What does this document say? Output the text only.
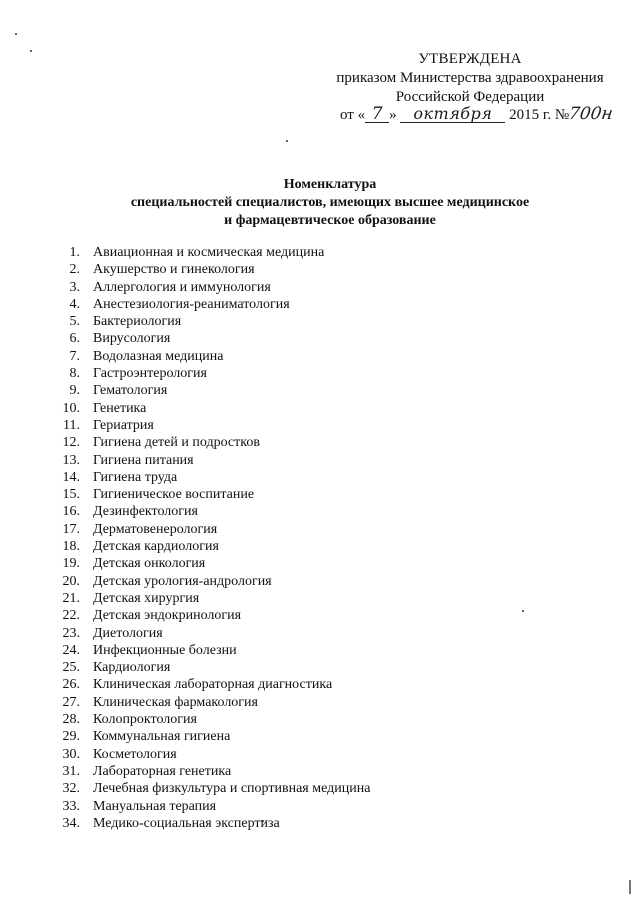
УТВЕРЖДЕНА
приказом Министерства здравоохранения
Российской Федерации
от « 7 » октября 2015 г. №700н
Номенклатура
специальностей специалистов, имеющих высшее медицинское
и фармацевтическое образование
1. Авиационная и космическая медицина
2. Акушерство и гинекология
3. Аллергология и иммунология
4. Анестезиология-реаниматология
5. Бактериология
6. Вирусология
7. Водолазная медицина
8. Гастроэнтерология
9. Гематология
10. Генетика
11. Гериатрия
12. Гигиена детей и подростков
13. Гигиена питания
14. Гигиена труда
15. Гигиеническое воспитание
16. Дезинфектология
17. Дерматовенерология
18. Детская кардиология
19. Детская онкология
20. Детская урология-андрология
21. Детская хирургия
22. Детская эндокринология
23. Диетология
24. Инфекционные болезни
25. Кардиология
26. Клиническая лабораторная диагностика
27. Клиническая фармакология
28. Колопроктология
29. Коммунальная гигиена
30. Косметология
31. Лабораторная генетика
32. Лечебная физкультура и спортивная медицина
33. Мануальная терапия
34. Медико-социальная экспертиза
